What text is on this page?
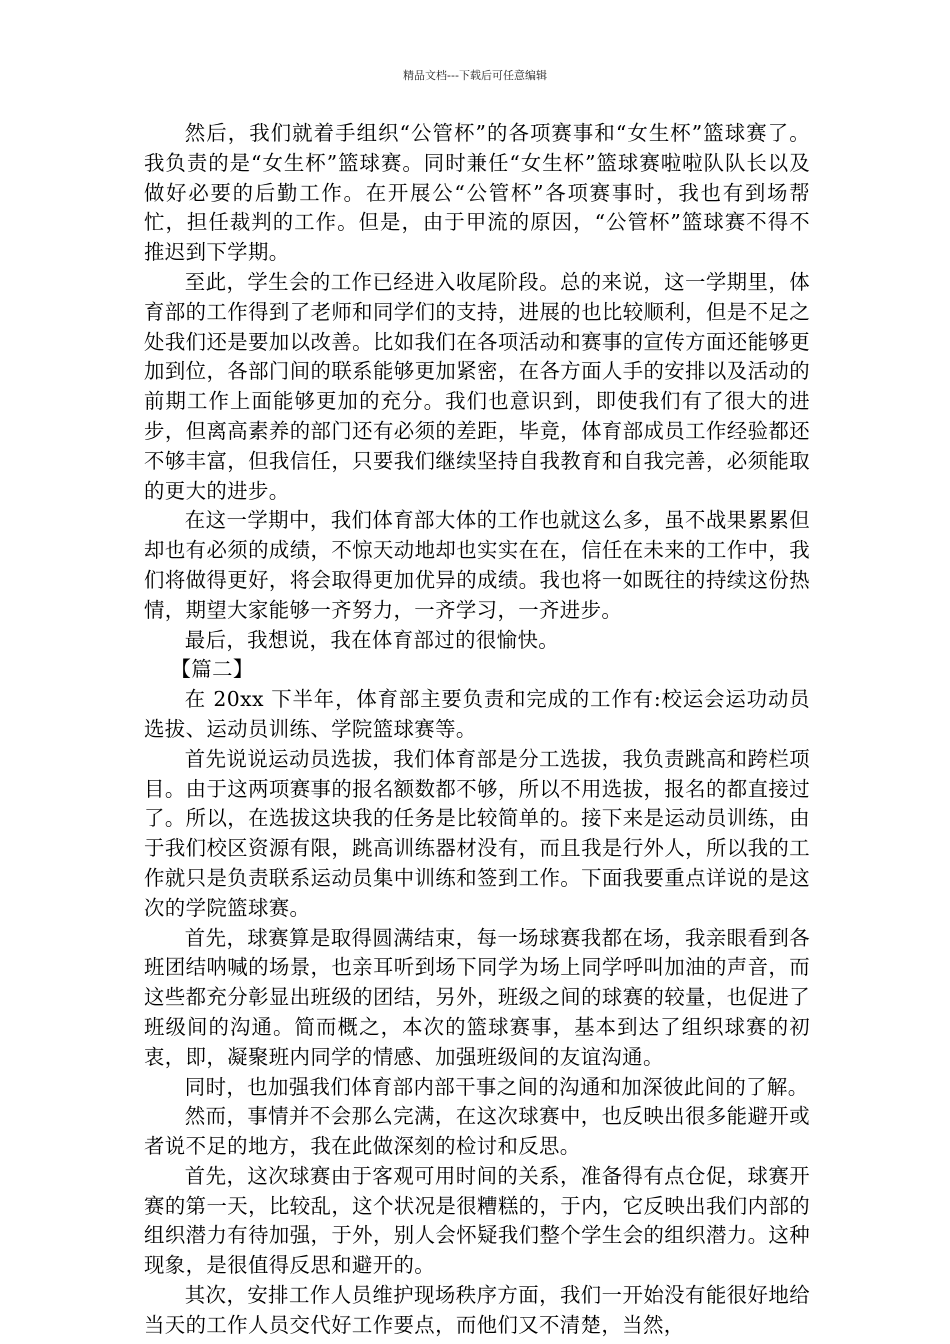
精品文档---下载后可任意编辑

然后，我们就着手组织“公管杯”的各项赛事和“女生杯”篮球赛了。我负责的是“女生杯”篮球赛。同时兼任“女生杯”篮球赛啦啦队队长以及做好必要的后勤工作。在开展公“公管杯”各项赛事时，我也有到场帮忙，担任裁判的工作。但是，由于甲流的原因，“公管杯”篮球赛不得不推迟到下学期。

至此，学生会的工作已经进入收尾阶段。总的来说，这一学期里，体育部的工作得到了老师和同学们的支持，进展的也比较顺利，但是不足之处我们还是要加以改善。比如我们在各项活动和赛事的宣传方面还能够更加到位，各部门间的联系能够更加紧密，在各方面人手的安排以及活动的前期工作上面能够更加的充分。我们也意识到，即使我们有了很大的进步，但离高素养的部门还有必须的差距，毕竟，体育部成员工作经验都还不够丰富，但我信任，只要我们继续坚持自我教育和自我完善，必须能取的更大的进步。

在这一学期中，我们体育部大体的工作也就这么多，虽不战果累累但却也有必须的成绩，不惊天动地却也实实在在，信任在未来的工作中，我们将做得更好，将会取得更加优异的成绩。我也将一如既往的持续这份热情，期望大家能够一齐努力，一齐学习，一齐进步。

最后，我想说，我在体育部过的很愉快。

【篇二】

在 20xx 下半年，体育部主要负责和完成的工作有:校运会运功动员选拔、运动员训练、学院篮球赛等。

首先说说运动员选拔，我们体育部是分工选拔，我负责跳高和跨栏项目。由于这两项赛事的报名额数都不够，所以不用选拔，报名的都直接过了。所以，在选拔这块我的任务是比较简单的。接下来是运动员训练，由于我们校区资源有限，跳高训练器材没有，而且我是行外人，所以我的工作就只是负责联系运动员集中训练和签到工作。下面我要重点详说的是这次的学院篮球赛。

首先，球赛算是取得圆满结束，每一场球赛我都在场，我亲眼看到各班团结呐喊的场景，也亲耳听到场下同学为场上同学呼叫加油的声音，而这些都充分彰显出班级的团结，另外，班级之间的球赛的较量，也促进了班级间的沟通。简而概之，本次的篮球赛事，基本到达了组织球赛的初衷，即，凝聚班内同学的情感、加强班级间的友谊沟通。

同时，也加强我们体育部内部干事之间的沟通和加深彼此间的了解。

然而，事情并不会那么完满，在这次球赛中，也反映出很多能避开或者说不足的地方，我在此做深刻的检讨和反思。

首先，这次球赛由于客观可用时间的关系，准备得有点仓促，球赛开赛的第一天，比较乱，这个状况是很糟糕的，于内，它反映出我们内部的组织潜力有待加强，于外，别人会怀疑我们整个学生会的组织潜力。这种现象，是很值得反思和避开的。

其次，安排工作人员维护现场秩序方面，我们一开始没有能很好地给当天的工作人员交代好工作要点，而他们又不清楚，当然，
